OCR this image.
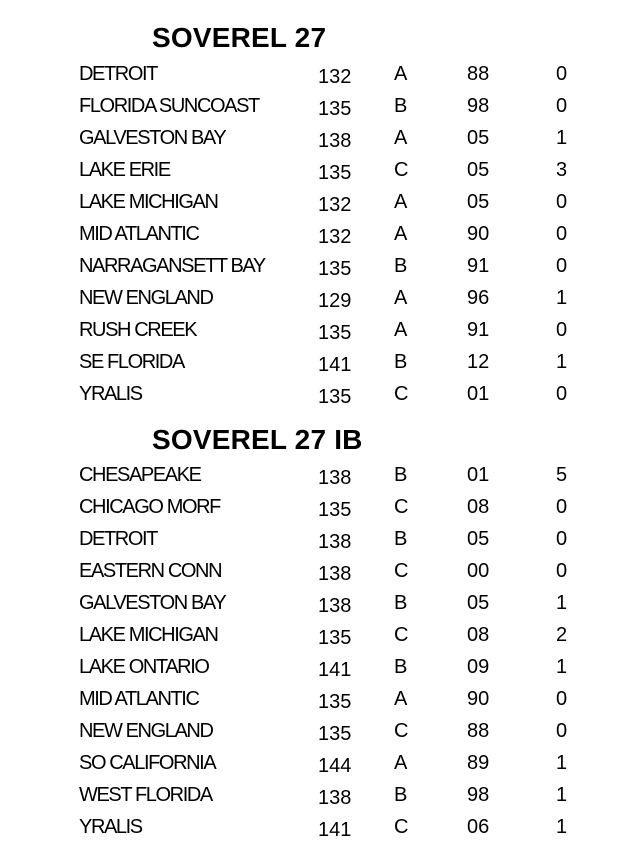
SOVEREL 27
DETROIT	132 A	88	0
FLORIDA SUNCOAST	135 B	98	0
GALVESTON BAY	138 A	05	1
LAKE ERIE	135 C	05	3
LAKE MICHIGAN	132 A	05	0
MID ATLANTIC	132 A	90	0
NARRAGANSETT BAY	135 B	91	0
NEW ENGLAND	129 A	96	1
RUSH CREEK	135 A	91	0
SE FLORIDA	141 B	12	1
YRALIS	135 C	01	0
SOVEREL 27 IB
CHESAPEAKE	138 B	01	5
CHICAGO MORF	135 C	08	0
DETROIT	138 B	05	0
EASTERN CONN	138 C	00	0
GALVESTON BAY	138 B	05	1
LAKE MICHIGAN	135 C	08	2
LAKE ONTARIO	141 B	09	1
MID ATLANTIC	135 A	90	0
NEW ENGLAND	135 C	88	0
SO CALIFORNIA	144 A	89	1
WEST FLORIDA	138 B	98	1
YRALIS	141 C	06	1
